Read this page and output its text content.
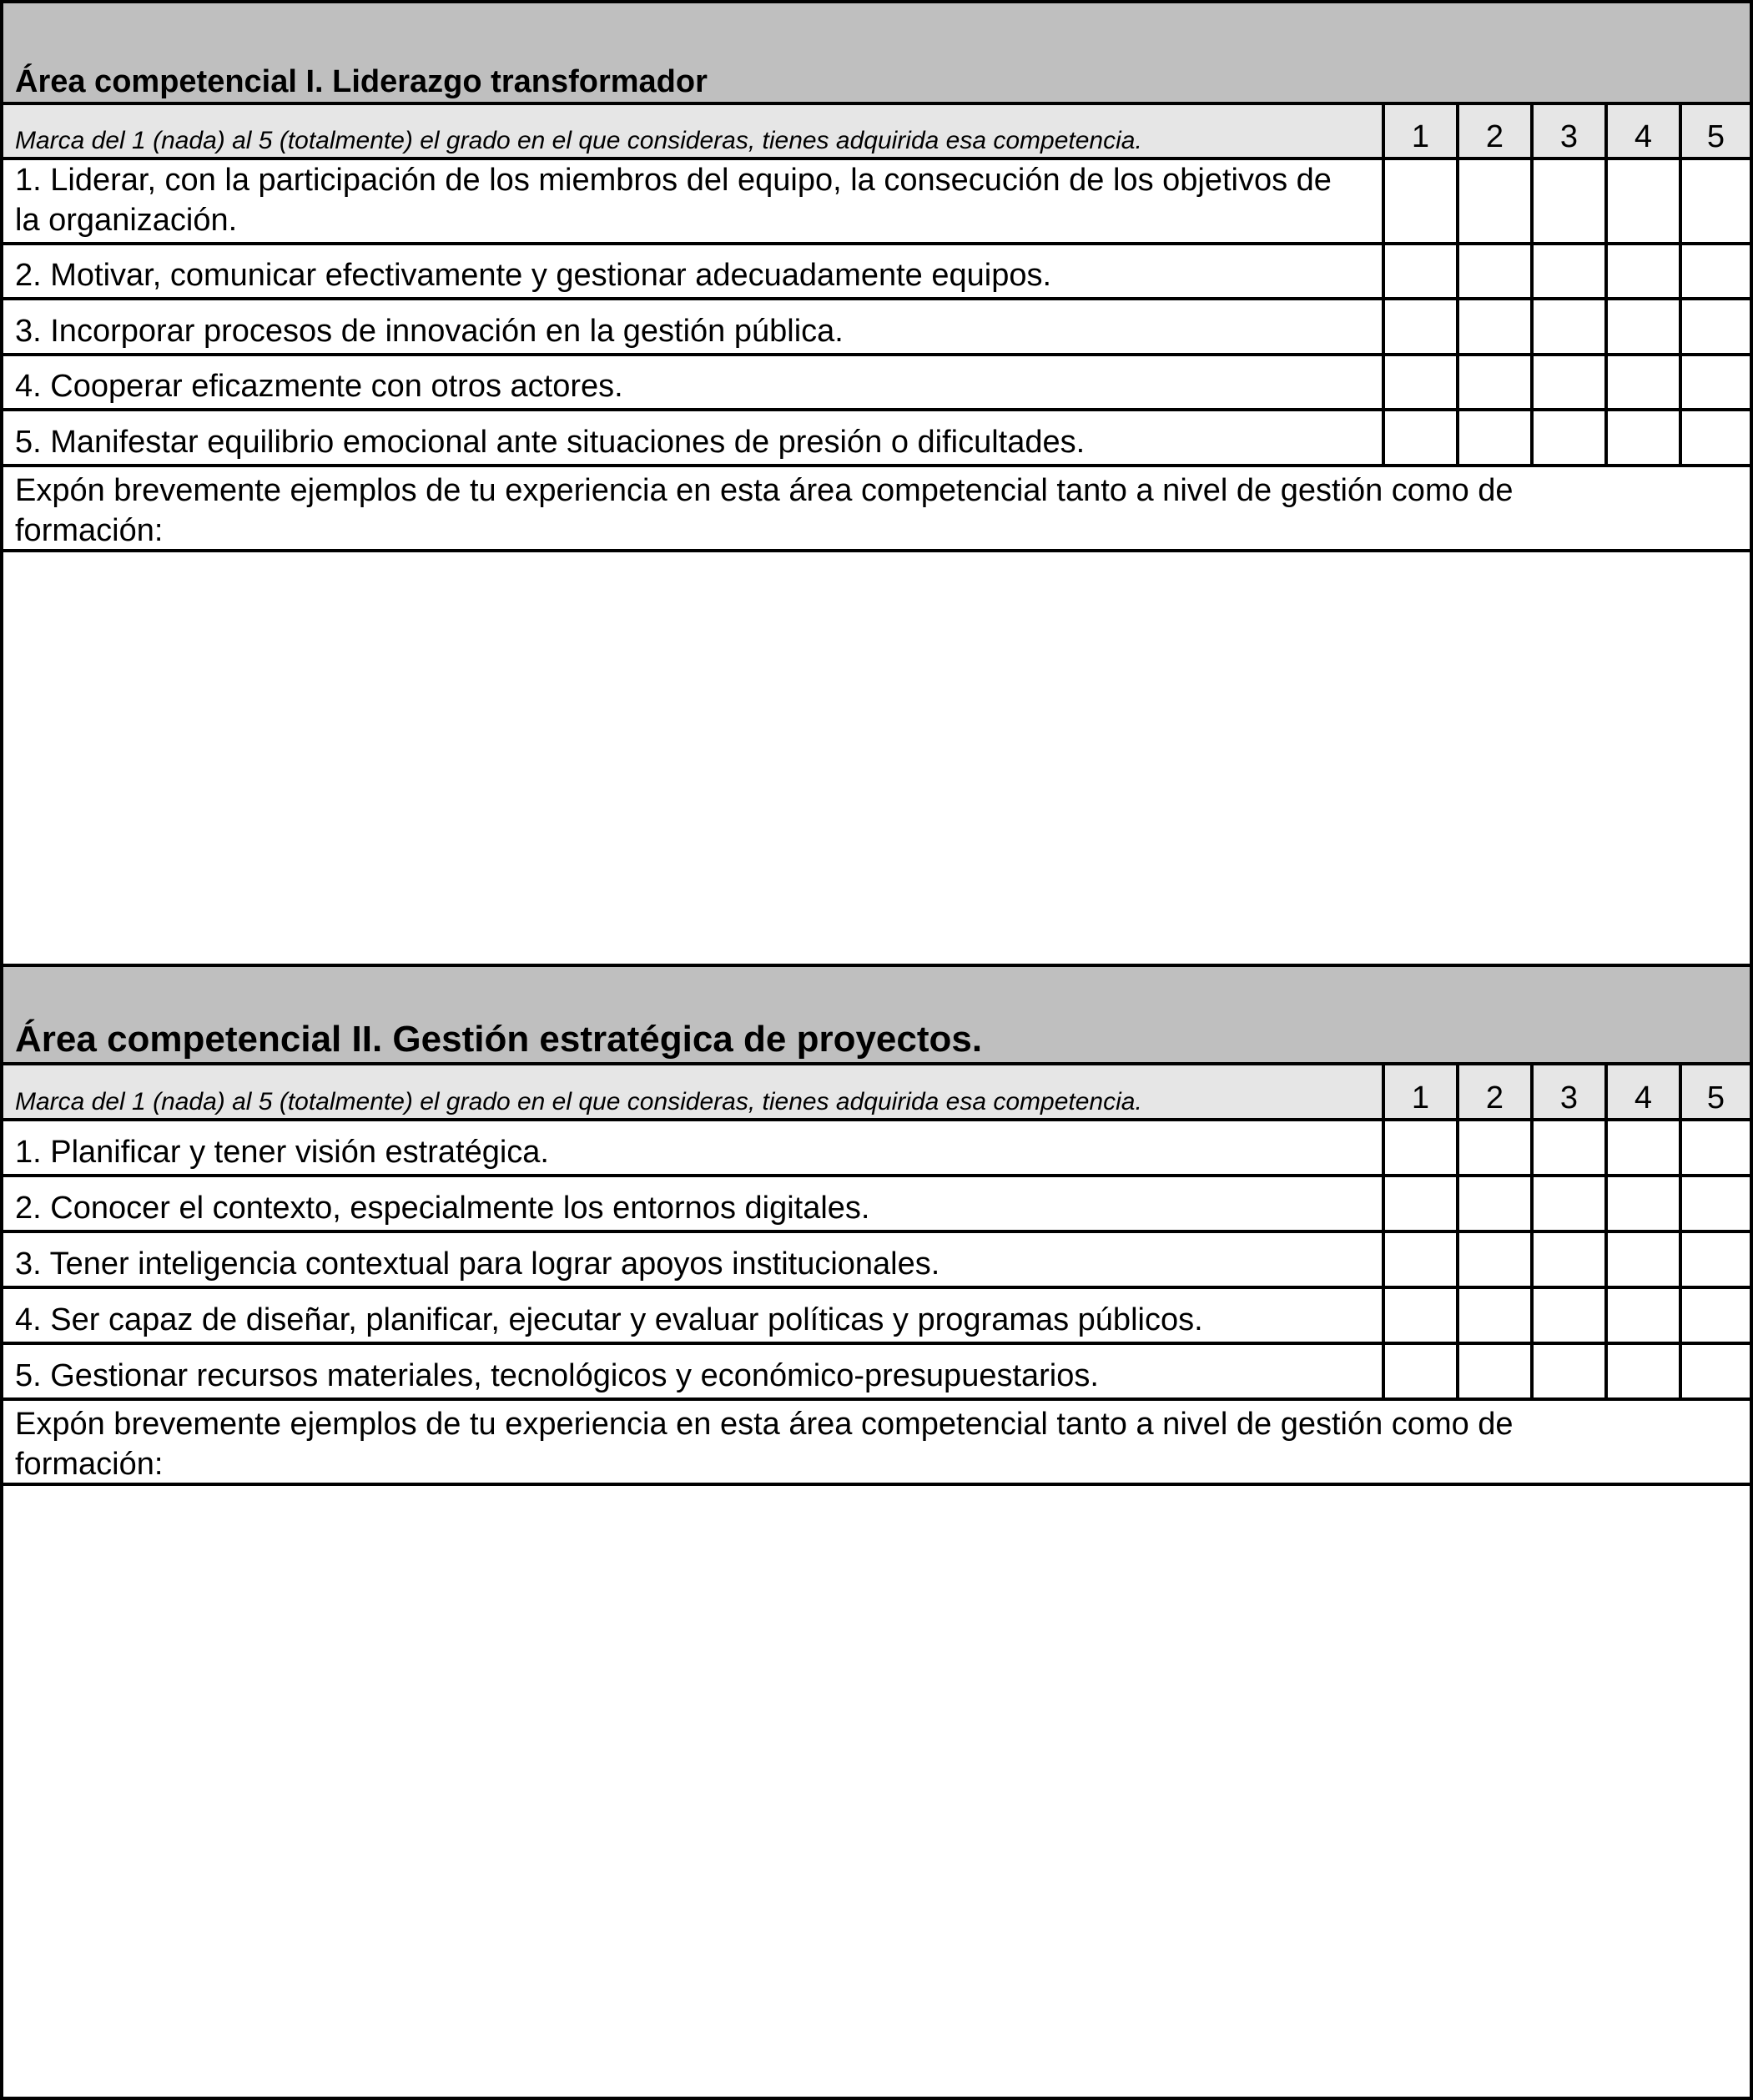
Área competencial I. Liderazgo transformador
Marca del 1 (nada) al 5 (totalmente) el grado en el que consideras, tienes adquirida esa competencia.	1	2	3	4	5
1. Liderar, con la participación de los miembros del equipo, la consecución de los objetivos de la organización.
2. Motivar, comunicar efectivamente y gestionar adecuadamente equipos.
3. Incorporar procesos de innovación en la gestión pública.
4. Cooperar eficazmente con otros actores.
5. Manifestar equilibrio emocional ante situaciones de presión o dificultades.
Expón brevemente ejemplos de tu experiencia en esta área competencial tanto a nivel de gestión como de formación:
Área competencial II. Gestión estratégica de proyectos.
Marca del 1 (nada) al 5 (totalmente) el grado en el que consideras, tienes adquirida esa competencia.	1	2	3	4	5
1. Planificar y tener visión estratégica.
2. Conocer el contexto, especialmente los entornos digitales.
3. Tener inteligencia contextual para lograr apoyos institucionales.
4. Ser capaz de diseñar, planificar, ejecutar y evaluar políticas y programas públicos.
5. Gestionar recursos materiales, tecnológicos y económico-presupuestarios.
Expón brevemente ejemplos de tu experiencia en esta área competencial tanto a nivel de gestión como de formación:
